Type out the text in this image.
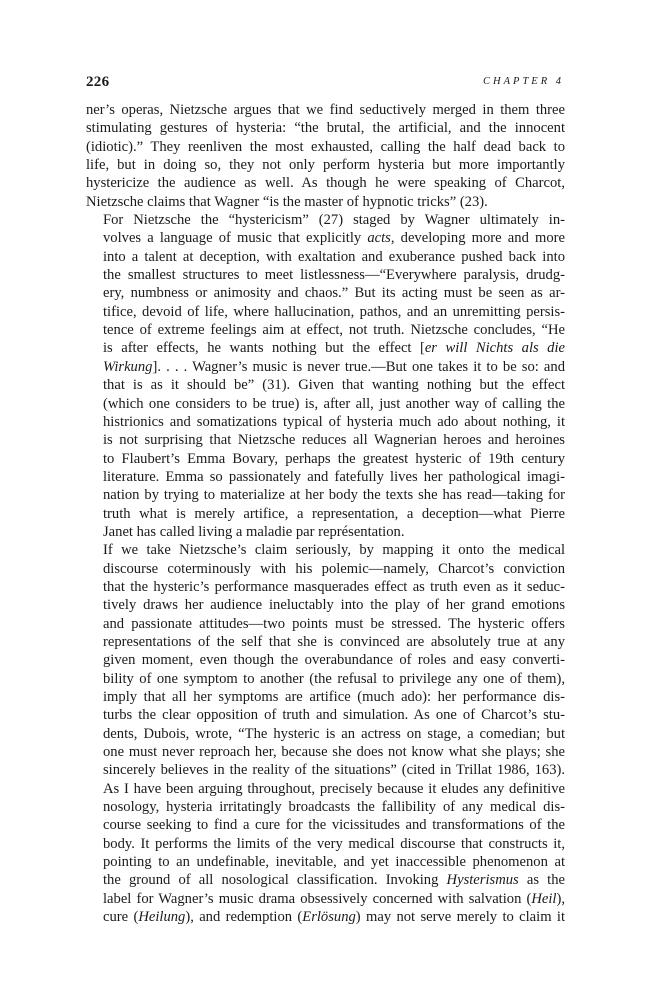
226	CHAPTER 4

ner’s operas, Nietzsche argues that we find seductively merged in them three
stimulating gestures of hysteria: “the brutal, the artificial, and the innocent
(idiotic).” They reenliven the most exhausted, calling the half dead back to
life, but in doing so, they not only perform hysteria but more importantly
hystericize the audience as well. As though he were speaking of Charcot,
Nietzsche claims that Wagner “is the master of hypnotic tricks” (23).

For Nietzsche the “hystericism” (27) staged by Wagner ultimately in-
volves a language of music that explicitly acts, developing more and more
into a talent at deception, with exaltation and exuberance pushed back into
the smallest structures to meet listlessness—“Everywhere paralysis, drudg-
ery, numbness or animosity and chaos.” But its acting must be seen as ar-
tifice, devoid of life, where hallucination, pathos, and an unremitting persis-
tence of extreme feelings aim at effect, not truth. Nietzsche concludes, “He
is after effects, he wants nothing but the effect [er will Nichts als die
Wirkung]. . . . Wagner’s music is never true.—But one takes it to be so: and
that is as it should be” (31). Given that wanting nothing but the effect
(which one considers to be true) is, after all, just another way of calling the
histrionics and somatizations typical of hysteria much ado about nothing, it
is not surprising that Nietzsche reduces all Wagnerian heroes and heroines
to Flaubert’s Emma Bovary, perhaps the greatest hysteric of 19th century
literature. Emma so passionately and fatefully lives her pathological imagi-
nation by trying to materialize at her body the texts she has read—taking for
truth what is merely artifice, a representation, a deception—what Pierre
Janet has called living a maladie par représentation.

If we take Nietzsche’s claim seriously, by mapping it onto the medical
discourse coterminously with his polemic—namely, Charcot’s conviction
that the hysteric’s performance masquerades effect as truth even as it seduc-
tively draws her audience ineluctably into the play of her grand emotions
and passionate attitudes—two points must be stressed. The hysteric offers
representations of the self that she is convinced are absolutely true at any
given moment, even though the overabundance of roles and easy converti-
bility of one symptom to another (the refusal to privilege any one of them),
imply that all her symptoms are artifice (much ado): her performance dis-
turbs the clear opposition of truth and simulation. As one of Charcot’s stu-
dents, Dubois, wrote, “The hysteric is an actress on stage, a comedian; but
one must never reproach her, because she does not know what she plays; she
sincerely believes in the reality of the situations” (cited in Trillat 1986, 163).
As I have been arguing throughout, precisely because it eludes any definitive
nosology, hysteria irritatingly broadcasts the fallibility of any medical dis-
course seeking to find a cure for the vicissitudes and transformations of the
body. It performs the limits of the very medical discourse that constructs it,
pointing to an undefinable, inevitable, and yet inaccessible phenomenon at
the ground of all nosological classification. Invoking Hysterismus as the
label for Wagner’s music drama obsessively concerned with salvation (Heil),
cure (Heilung), and redemption (Erlösung) may not serve merely to claim it
